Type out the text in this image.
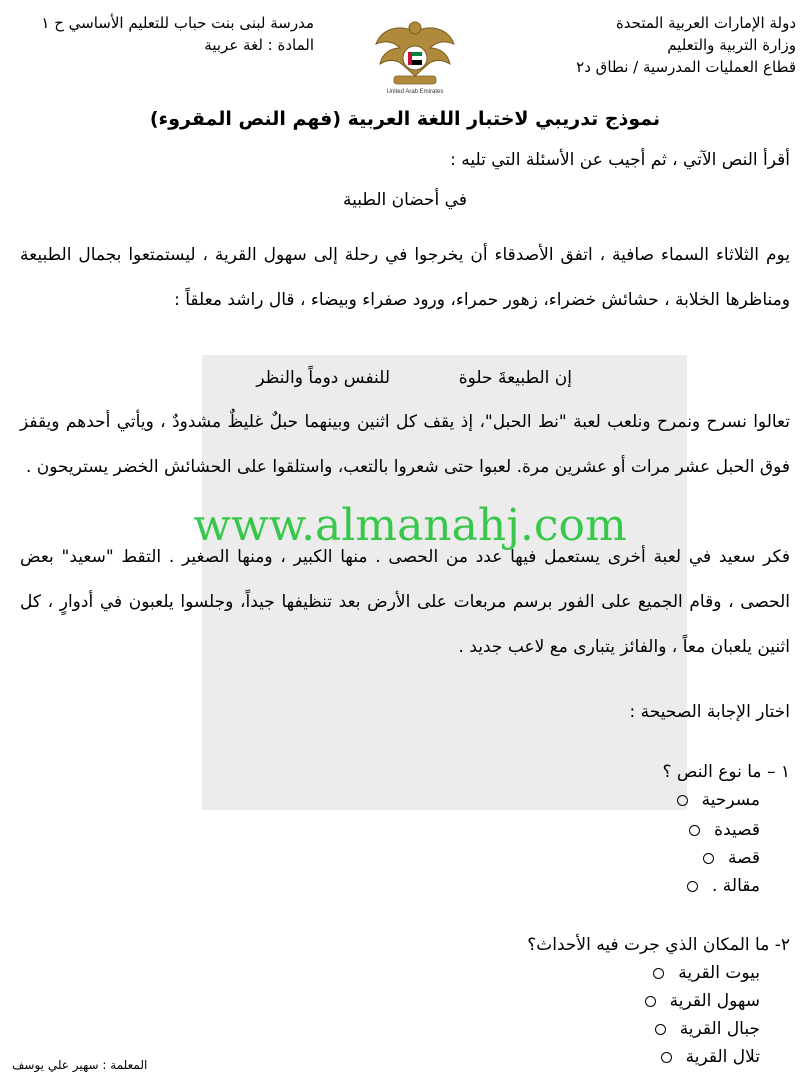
دولة الإمارات العربية المتحدة
وزارة التربية والتعليم
قطاع العمليات المدرسية / نطاق د٢
مدرسة لبنى بنت حباب للتعليم الأساسي ح ١
المادة : لغة عربية
United Arab Emirates
نموذج تدريبي لاختبار اللغة العربية (فهم النص المقروء)
أقرأ النص الآتي ، ثم أجيب عن الأسئلة التي تليه :
في أحضان الطبية
يوم الثلاثاء السماء صافية ، اتفق الأصدقاء أن يخرجوا في رحلة إلى سهول القرية ، ليستمتعوا بجمال الطبيعة ومناظرها الخلابة ، حشائش خضراء، زهور حمراء، ورود صفراء وبيضاء ، قال راشد معلقاً :
إن الطبيعةَ حلوة
للنفس دوماً والنظر
تعالوا نسرح ونمرح ونلعب لعبة "نط الحبل"، إذ يقف كل اثنين وبينهما حبلٌ غليظٌ مشدودٌ ، ويأتي أحدهم ويقفز فوق الحبل عشر مرات أو عشرين مرة. لعبوا حتى شعروا بالتعب، واستلقوا على الحشائش الخضر يستريحون .
فكر سعيد في لعبة أخرى يستعمل فيها عدد من الحصى . منها الكبير ، ومنها الصغير . التقط "سعيد" بعض الحصى ، وقام الجميع على الفور برسم مربعات على الأرض بعد تنظيفها جيداً، وجلسوا يلعبون في أدوارٍ ، كل اثنين يلعبان معاً ، والفائز يتبارى مع لاعب جديد .
www.almanahj.com
اختار الإجابة الصحيحة :
١ – ما نوع النص ؟
مسرحية
قصيدة
قصة
مقالة .
٢- ما المكان الذي جرت فيه الأحداث؟
بيوت القرية
سهول القرية
جبال القرية
تلال القرية
المعلمة : سهير علي يوسف
